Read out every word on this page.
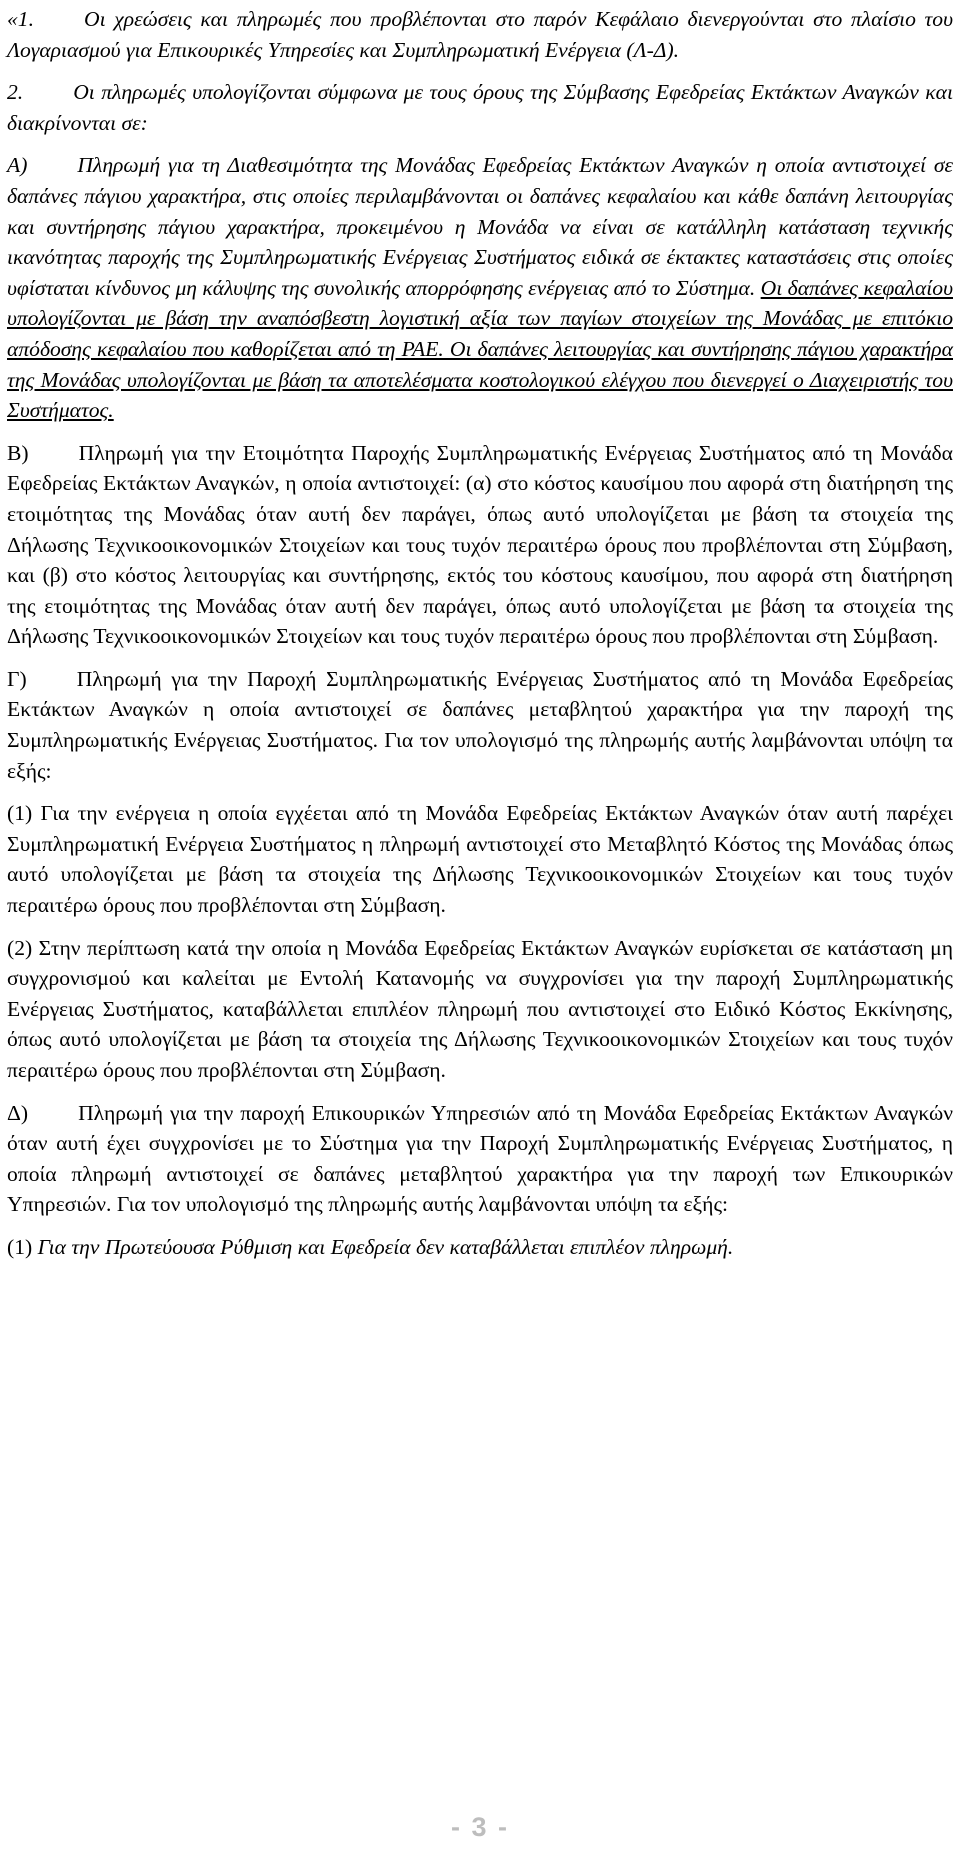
«1. Οι χρεώσεις και πληρωμές που προβλέπονται στο παρόν Κεφάλαιο διενεργούνται στο πλαίσιο του Λογαριασμού για Επικουρικές Υπηρεσίες και Συμπληρωματική Ενέργεια (Λ-Δ).

2. Οι πληρωμές υπολογίζονται σύμφωνα με τους όρους της Σύμβασης Εφεδρείας Εκτάκτων Αναγκών και διακρίνονται σε:

Α) Πληρωμή για τη Διαθεσιμότητα της Μονάδας Εφεδρείας Εκτάκτων Αναγκών η οποία αντιστοιχεί σε δαπάνες πάγιου χαρακτήρα, στις οποίες περιλαμβάνονται οι δαπάνες κεφαλαίου και κάθε δαπάνη λειτουργίας και συντήρησης πάγιου χαρακτήρα, προκειμένου η Μονάδα να είναι σε κατάλληλη κατάσταση τεχνικής ικανότητας παροχής της Συμπληρωματικής Ενέργειας Συστήματος ειδικά σε έκτακτες καταστάσεις στις οποίες υφίσταται κίνδυνος μη κάλυψης της συνολικής απορρόφησης ενέργειας από το Σύστημα. Οι δαπάνες κεφαλαίου υπολογίζονται με βάση την αναπόσβεστη λογιστική αξία των παγίων στοιχείων της Μονάδας με επιτόκιο απόδοσης κεφαλαίου που καθορίζεται από τη ΡΑΕ. Οι δαπάνες λειτουργίας και συντήρησης πάγιου χαρακτήρα της Μονάδας υπολογίζονται με βάση τα αποτελέσματα κοστολογικού ελέγχου που διενεργεί ο Διαχειριστής του Συστήματος.

Β) Πληρωμή για την Ετοιμότητα Παροχής Συμπληρωματικής Ενέργειας Συστήματος από τη Μονάδα Εφεδρείας Εκτάκτων Αναγκών, η οποία αντιστοιχεί: (α) στο κόστος καυσίμου που αφορά στη διατήρηση της ετοιμότητας της Μονάδας όταν αυτή δεν παράγει, όπως αυτό υπολογίζεται με βάση τα στοιχεία της Δήλωσης Τεχνικοοικονομικών Στοιχείων και τους τυχόν περαιτέρω όρους που προβλέπονται στη Σύμβαση, και (β) στο κόστος λειτουργίας και συντήρησης, εκτός του κόστους καυσίμου, που αφορά στη διατήρηση της ετοιμότητας της Μονάδας όταν αυτή δεν παράγει, όπως αυτό υπολογίζεται με βάση τα στοιχεία της Δήλωσης Τεχνικοοικονομικών Στοιχείων και τους τυχόν περαιτέρω όρους που προβλέπονται στη Σύμβαση.

Γ) Πληρωμή για την Παροχή Συμπληρωματικής Ενέργειας Συστήματος από τη Μονάδα Εφεδρείας Εκτάκτων Αναγκών η οποία αντιστοιχεί σε δαπάνες μεταβλητού χαρακτήρα για την παροχή της Συμπληρωματικής Ενέργειας Συστήματος. Για τον υπολογισμό της πληρωμής αυτής λαμβάνονται υπόψη τα εξής:

(1) Για την ενέργεια η οποία εγχέεται από τη Μονάδα Εφεδρείας Εκτάκτων Αναγκών όταν αυτή παρέχει Συμπληρωματική Ενέργεια Συστήματος η πληρωμή αντιστοιχεί στο Μεταβλητό Κόστος της Μονάδας όπως αυτό υπολογίζεται με βάση τα στοιχεία της Δήλωσης Τεχνικοοικονομικών Στοιχείων και τους τυχόν περαιτέρω όρους που προβλέπονται στη Σύμβαση.

(2) Στην περίπτωση κατά την οποία η Μονάδα Εφεδρείας Εκτάκτων Αναγκών ευρίσκεται σε κατάσταση μη συγχρονισμού και καλείται με Εντολή Κατανομής να συγχρονίσει για την παροχή Συμπληρωματικής Ενέργειας Συστήματος, καταβάλλεται επιπλέον πληρωμή που αντιστοιχεί στο Ειδικό Κόστος Εκκίνησης, όπως αυτό υπολογίζεται με βάση τα στοιχεία της Δήλωσης Τεχνικοοικονομικών Στοιχείων και τους τυχόν περαιτέρω όρους που προβλέπονται στη Σύμβαση.

Δ) Πληρωμή για την παροχή Επικουρικών Υπηρεσιών από τη Μονάδα Εφεδρείας Εκτάκτων Αναγκών όταν αυτή έχει συγχρονίσει με το Σύστημα για την Παροχή Συμπληρωματικής Ενέργειας Συστήματος, η οποία πληρωμή αντιστοιχεί σε δαπάνες μεταβλητού χαρακτήρα για την παροχή των Επικουρικών Υπηρεσιών. Για τον υπολογισμό της πληρωμής αυτής λαμβάνονται υπόψη τα εξής:

(1) Για την Πρωτεύουσα Ρύθμιση και Εφεδρεία δεν καταβάλλεται επιπλέον πληρωμή.

- 3 -
